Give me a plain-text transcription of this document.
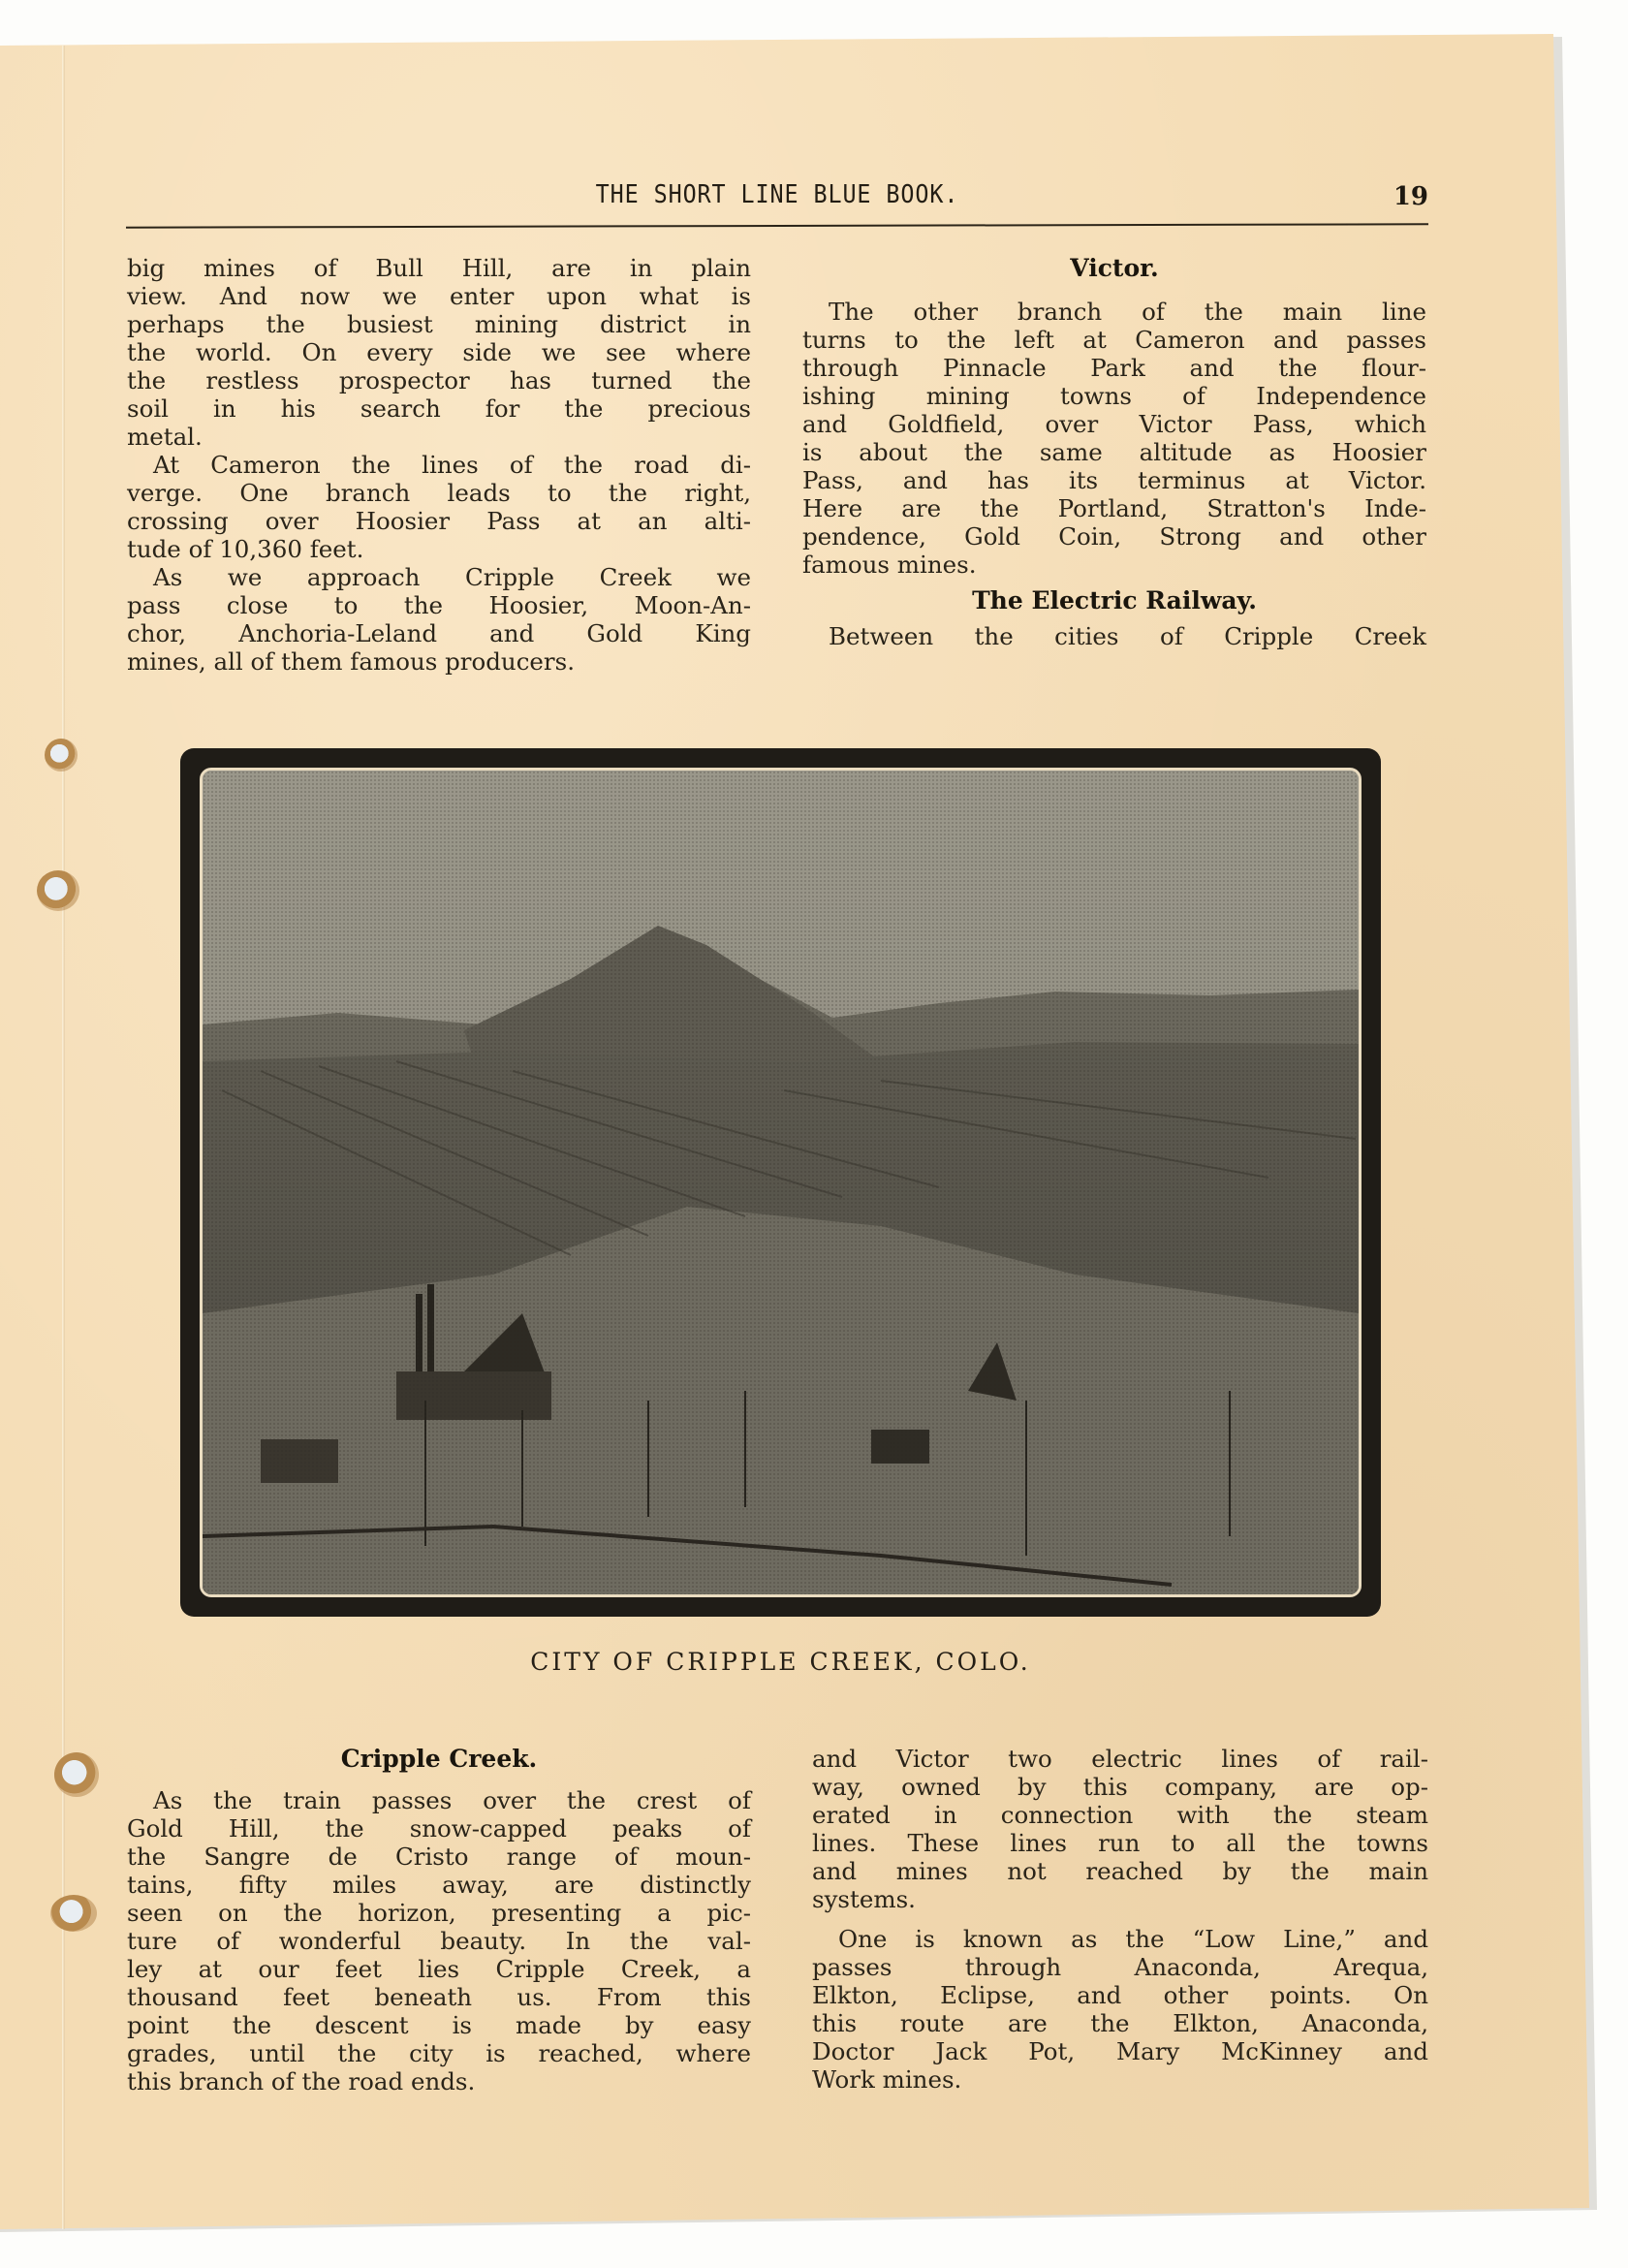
THE SHORT LINE BLUE BOOK.	19
big mines of Bull Hill, are in plain
view. And now we enter upon what is
perhaps the busiest mining district in
the world. On every side we see where
the restless prospector has turned the
soil in his search for the precious
metal.
At Cameron the lines of the road di-
verge. One branch leads to the right,
crossing over Hoosier Pass at an alti-
tude of 10,360 feet.
As we approach Cripple Creek we
pass close to the Hoosier, Moon-An-
chor, Anchoria-Leland and Gold King
mines, all of them famous producers.
Victor.
The other branch of the main line
turns to the left at Cameron and passes
through Pinnacle Park and the flour-
ishing mining towns of Independence
and Goldfield, over Victor Pass, which
is about the same altitude as Hoosier
Pass, and has its terminus at Victor.
Here are the Portland, Stratton's Inde-
pendence, Gold Coin, Strong and other
famous mines.
The Electric Railway.
Between the cities of Cripple Creek
CITY OF CRIPPLE CREEK, COLO.
Cripple Creek.
As the train passes over the crest of
Gold Hill, the snow-capped peaks of
the Sangre de Cristo range of moun-
tains, fifty miles away, are distinctly
seen on the horizon, presenting a pic-
ture of wonderful beauty. In the val-
ley at our feet lies Cripple Creek, a
thousand feet beneath us. From this
point the descent is made by easy
grades, until the city is reached, where
this branch of the road ends.
and Victor two electric lines of rail-
way, owned by this company, are op-
erated in connection with the steam
lines. These lines run to all the towns
and mines not reached by the main
systems.
One is known as the “Low Line,” and
passes through Anaconda, Arequa,
Elkton, Eclipse, and other points. On
this route are the Elkton, Anaconda,
Doctor Jack Pot, Mary McKinney and
Work mines.
